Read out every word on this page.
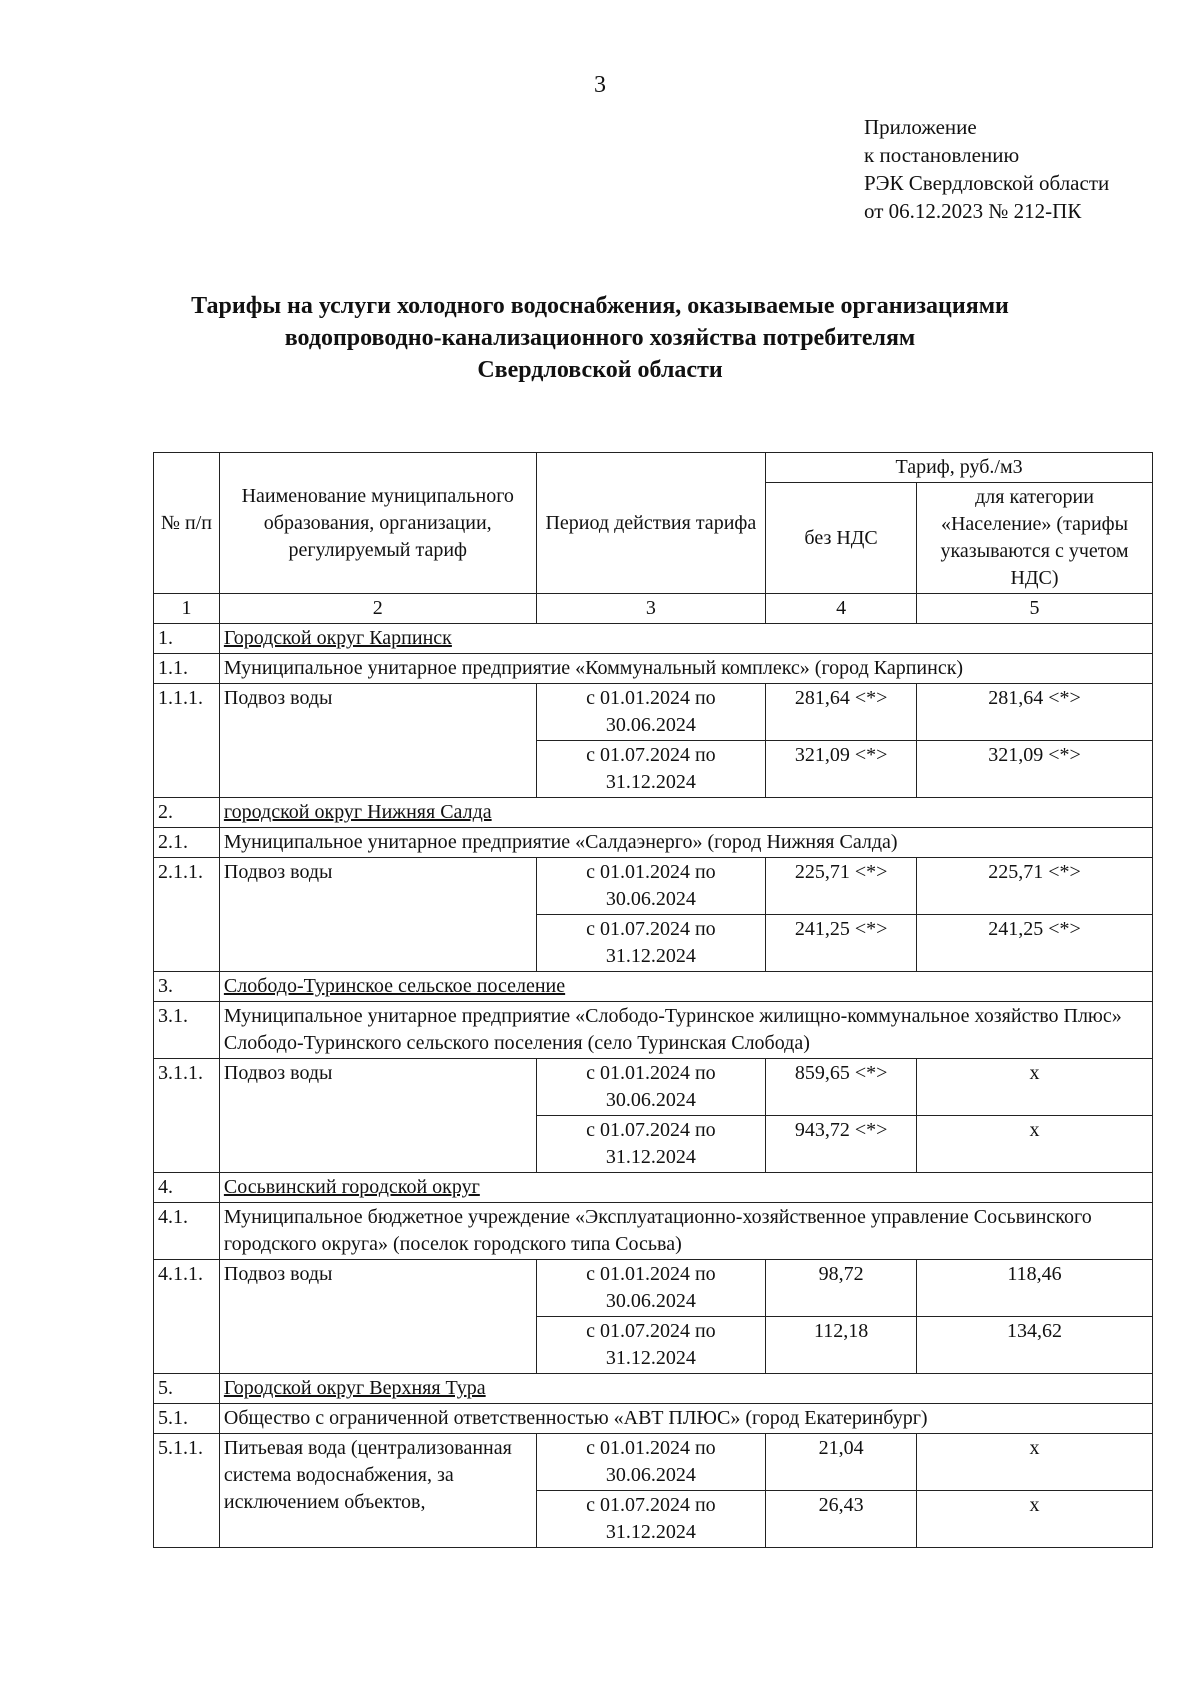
3
Приложение
к постановлению
РЭК Свердловской области
от 06.12.2023 № 212-ПК
Тарифы на услуги холодного водоснабжения, оказываемые организациями
водопроводно-канализационного хозяйства потребителям
Свердловской области
№ п/п	Наименование муниципального образования, организации, регулируемый тариф	Период действия тарифа	Тариф, руб./м3	
			без НДС	для категории «Население» (тарифы указываются с учетом НДС)
1	2	3	4	5
1.	Городской округ Карпинск			
1.1.	Муниципальное унитарное предприятие «Коммунальный комплекс» (город Карпинск)			
1.1.1.	Подвоз воды	с 01.01.2024 по 30.06.2024	281,64 <*>	281,64 <*>
		с 01.07.2024 по 31.12.2024	321,09 <*>	321,09 <*>
2.	городской округ Нижняя Салда			
2.1.	Муниципальное унитарное предприятие «Салдаэнерго» (город Нижняя Салда)			
2.1.1.	Подвоз воды	с 01.01.2024 по 30.06.2024	225,71 <*>	225,71 <*>
		с 01.07.2024 по 31.12.2024	241,25 <*>	241,25 <*>
3.	Слободо-Туринское сельское поселение			
3.1.	Муниципальное унитарное предприятие «Слободо-Туринское жилищно-коммунальное хозяйство Плюс» Слободо-Туринского сельского поселения (село Туринская Слобода)			
3.1.1.	Подвоз воды	с 01.01.2024 по 30.06.2024	859,65 <*>	х
		с 01.07.2024 по 31.12.2024	943,72 <*>	х
4.	Сосьвинский городской округ			
4.1.	Муниципальное бюджетное учреждение «Эксплуатационно-хозяйственное управление Сосьвинского городского округа» (поселок городского типа Сосьва)			
4.1.1.	Подвоз воды	с 01.01.2024 по 30.06.2024	98,72	118,46
		с 01.07.2024 по 31.12.2024	112,18	134,62
5.	Городской округ Верхняя Тура			
5.1.	Общество с ограниченной ответственностью «АВТ ПЛЮС» (город Екатеринбург)			
5.1.1.	Питьевая вода (централизованная система водоснабжения, за исключением объектов,	с 01.01.2024 по 30.06.2024	21,04	х
		с 01.07.2024 по 31.12.2024	26,43	х
